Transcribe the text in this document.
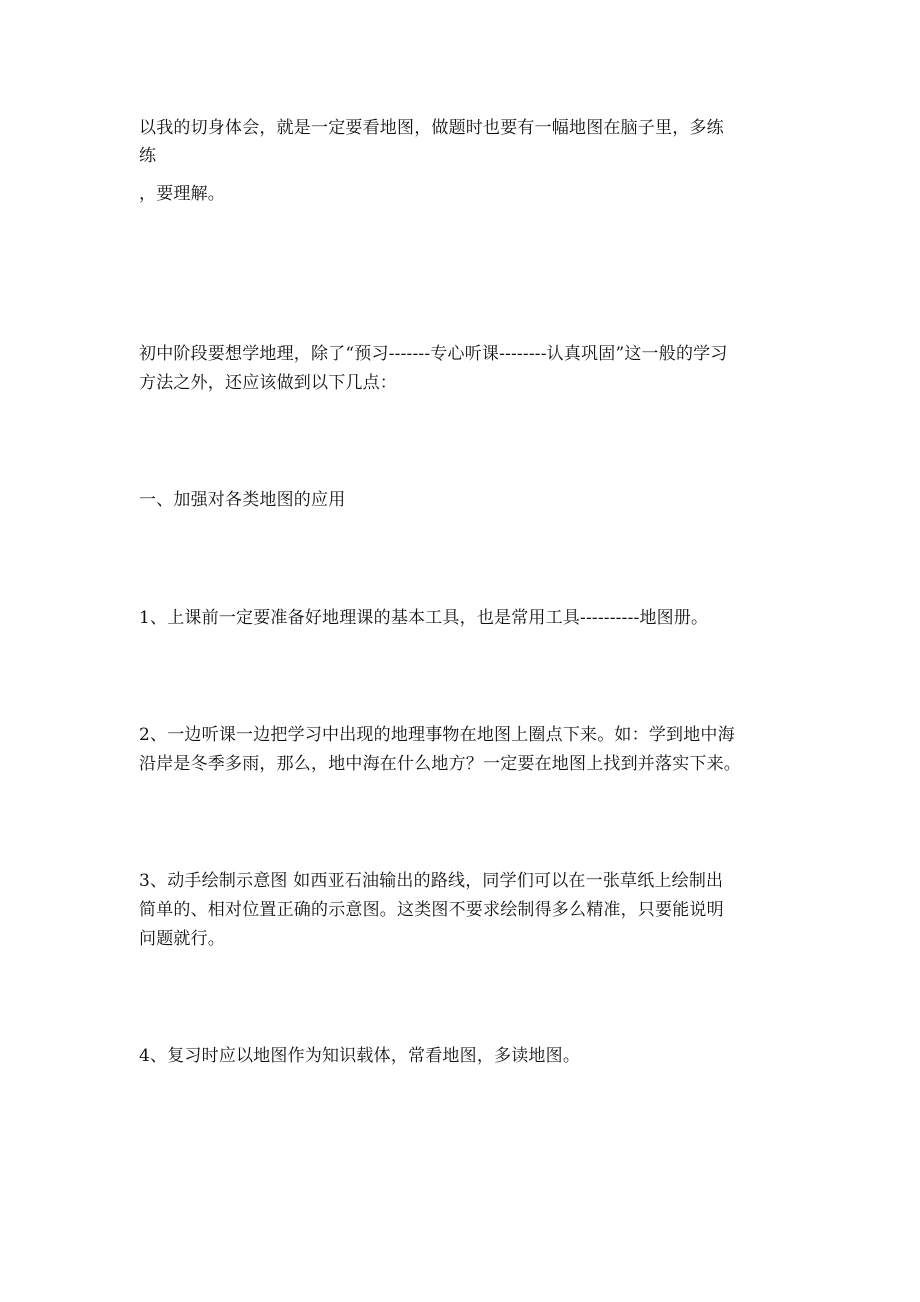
以我的切身体会，就是一定要看地图，做题时也要有一幅地图在脑子里，多练
练
，要理解。
初中阶段要想学地理，除了“预习-------专心听课--------认真巩固”这一般的学习
方法之外，还应该做到以下几点：
一、加强对各类地图的应用
1、上课前一定要准备好地理课的基本工具，也是常用工具----------地图册。
2、一边听课一边把学习中出现的地理事物在地图上圈点下来。如：学到地中海
沿岸是冬季多雨，那么，地中海在什么地方？一定要在地图上找到并落实下来。
3、动手绘制示意图 如西亚石油输出的路线，同学们可以在一张草纸上绘制出
简单的、相对位置正确的示意图。这类图不要求绘制得多么精准，只要能说明
问题就行。
4、复习时应以地图作为知识载体，常看地图，多读地图。
